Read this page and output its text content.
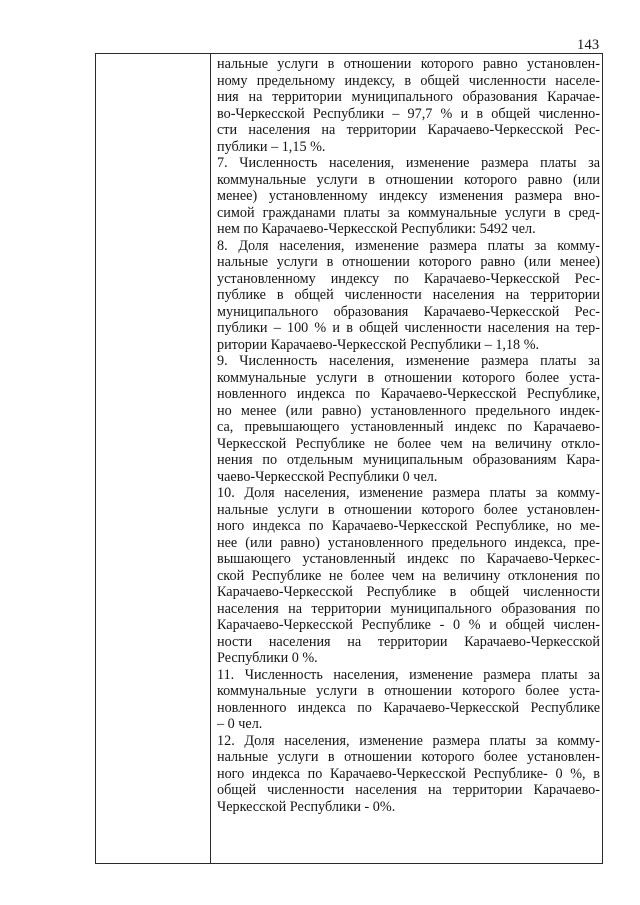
143
нальные услуги в отношении которого равно установлен-
ному предельному индексу, в общей численности населе-
ния на территории муниципального образования Карачае-
во-Черкесской Республики – 97,7 % и в общей численно-
сти населения на территории Карачаево-Черкесской Рес-
публики – 1,15 %.
7. Численность населения, изменение размера платы за
коммунальные услуги в отношении которого равно (или
менее) установленному индексу изменения размера вно-
симой гражданами платы за коммунальные услуги в сред-
нем по Карачаево-Черкесской Республики: 5492 чел.
8. Доля населения, изменение размера платы за комму-
нальные услуги в отношении которого равно (или менее)
установленному индексу по Карачаево-Черкесской Рес-
публике в общей численности населения на территории
муниципального образования Карачаево-Черкесской Рес-
публики – 100 % и в общей численности населения на тер-
ритории Карачаево-Черкесской Республики – 1,18 %.
9. Численность населения, изменение размера платы за
коммунальные услуги в отношении которого более уста-
новленного индекса по Карачаево-Черкесской Республике,
но менее (или равно) установленного предельного индек-
са, превышающего установленный индекс по Карачаево-
Черкесской Республике не более чем на величину откло-
нения по отдельным муниципальным образованиям Кара-
чаево-Черкесской Республики 0 чел.
10. Доля населения, изменение размера платы за комму-
нальные услуги в отношении которого более установлен-
ного индекса по Карачаево-Черкесской Республике, но ме-
нее (или равно) установленного предельного индекса, пре-
вышающего установленный индекс по Карачаево-Черкес-
ской Республике не более чем на величину отклонения по
Карачаево-Черкесской Республике в общей численности
населения на территории муниципального образования по
Карачаево-Черкесской Республике - 0 % и общей числен-
ности населения на территории Карачаево-Черкесской
Республики 0 %.
11. Численность населения, изменение размера платы за
коммунальные услуги в отношении которого более уста-
новленного индекса по Карачаево-Черкесской Республике
– 0 чел.
12. Доля населения, изменение размера платы за комму-
нальные услуги в отношении которого более установлен-
ного индекса по Карачаево-Черкесской Республике- 0 %, в
общей численности населения на территории Карачаево-
Черкесской Республики - 0%.
